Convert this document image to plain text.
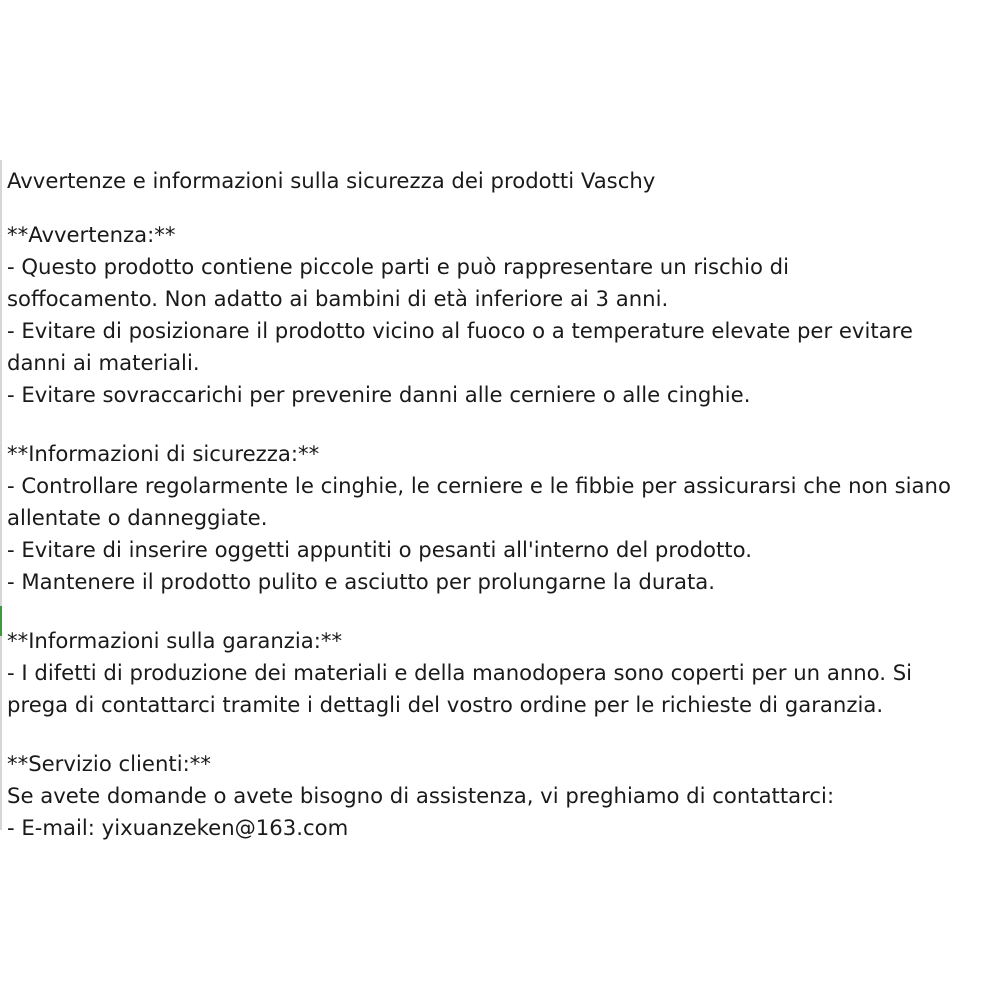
Avvertenze e informazioni sulla sicurezza dei prodotti Vaschy
**Avvertenza:**
- Questo prodotto contiene piccole parti e può rappresentare un rischio di
soffocamento. Non adatto ai bambini di età inferiore ai 3 anni.
- Evitare di posizionare il prodotto vicino al fuoco o a temperature elevate per evitare
danni ai materiali.
- Evitare sovraccarichi per prevenire danni alle cerniere o alle cinghie.
**Informazioni di sicurezza:**
- Controllare regolarmente le cinghie, le cerniere e le fibbie per assicurarsi che non siano
allentate o danneggiate.
- Evitare di inserire oggetti appuntiti o pesanti all'interno del prodotto.
- Mantenere il prodotto pulito e asciutto per prolungarne la durata.
**Informazioni sulla garanzia:**
- I difetti di produzione dei materiali e della manodopera sono coperti per un anno. Si
prega di contattarci tramite i dettagli del vostro ordine per le richieste di garanzia.
**Servizio clienti:**
Se avete domande o avete bisogno di assistenza, vi preghiamo di contattarci:
- E-mail: yixuanzeken@163.com
